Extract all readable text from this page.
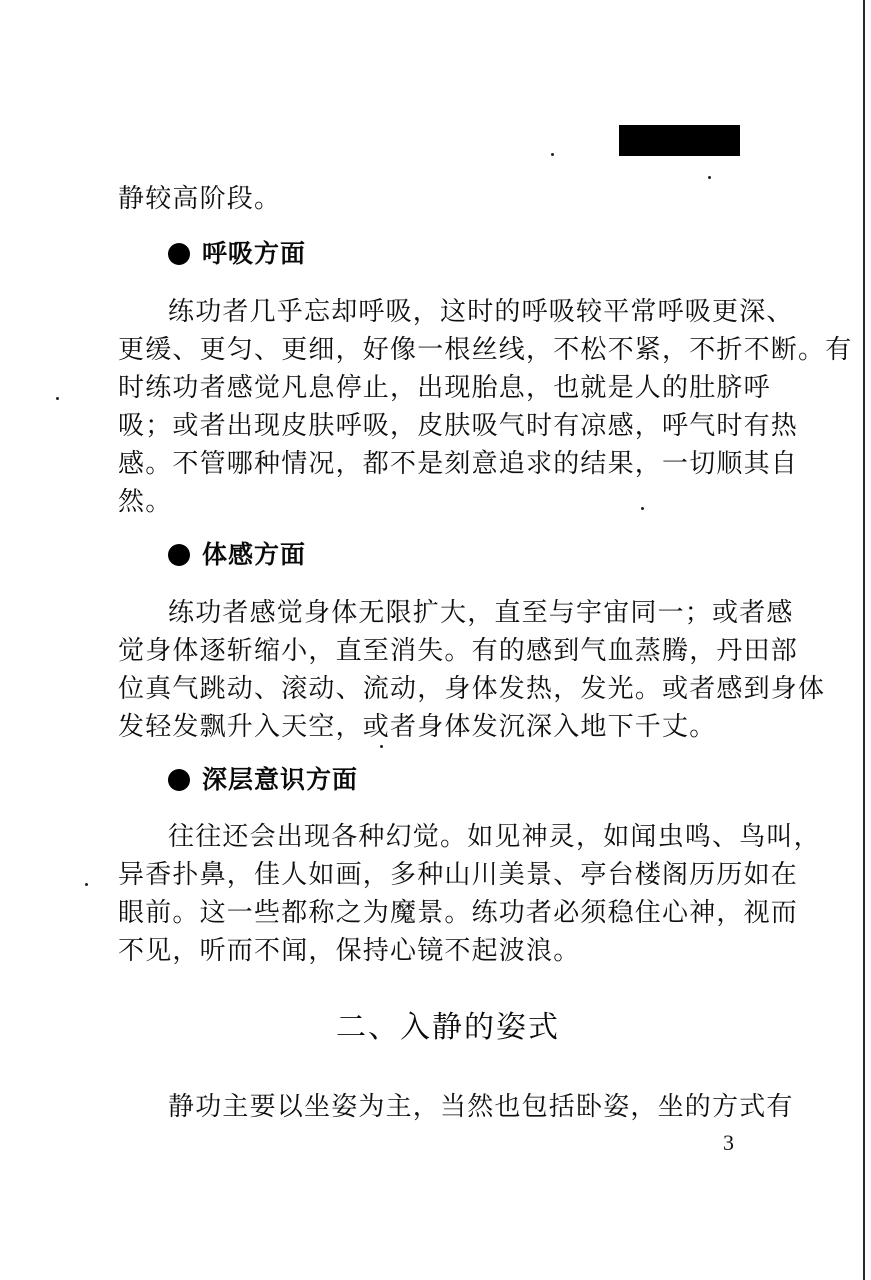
静较高阶段。
呼吸方面
练功者几乎忘却呼吸，这时的呼吸较平常呼吸更深、
更缓、更匀、更细，好像一根丝线，不松不紧，不折不断。有
时练功者感觉凡息停止，出现胎息，也就是人的肚脐呼
吸；或者出现皮肤呼吸，皮肤吸气时有凉感，呼气时有热
感。不管哪种情况，都不是刻意追求的结果，一切顺其自
然。
体感方面
练功者感觉身体无限扩大，直至与宇宙同一；或者感
觉身体逐斩缩小，直至消失。有的感到气血蒸腾，丹田部
位真气跳动、滚动、流动，身体发热，发光。或者感到身体
发轻发飘升入天空，或者身体发沉深入地下千丈。
深层意识方面
往往还会出现各种幻觉。如见神灵，如闻虫鸣、鸟叫，
异香扑鼻，佳人如画，多种山川美景、亭台楼阁历历如在
眼前。这一些都称之为魔景。练功者必须稳住心神，视而
不见，听而不闻，保持心镜不起波浪。
二、入静的姿式
静功主要以坐姿为主，当然也包括卧姿，坐的方式有
3
